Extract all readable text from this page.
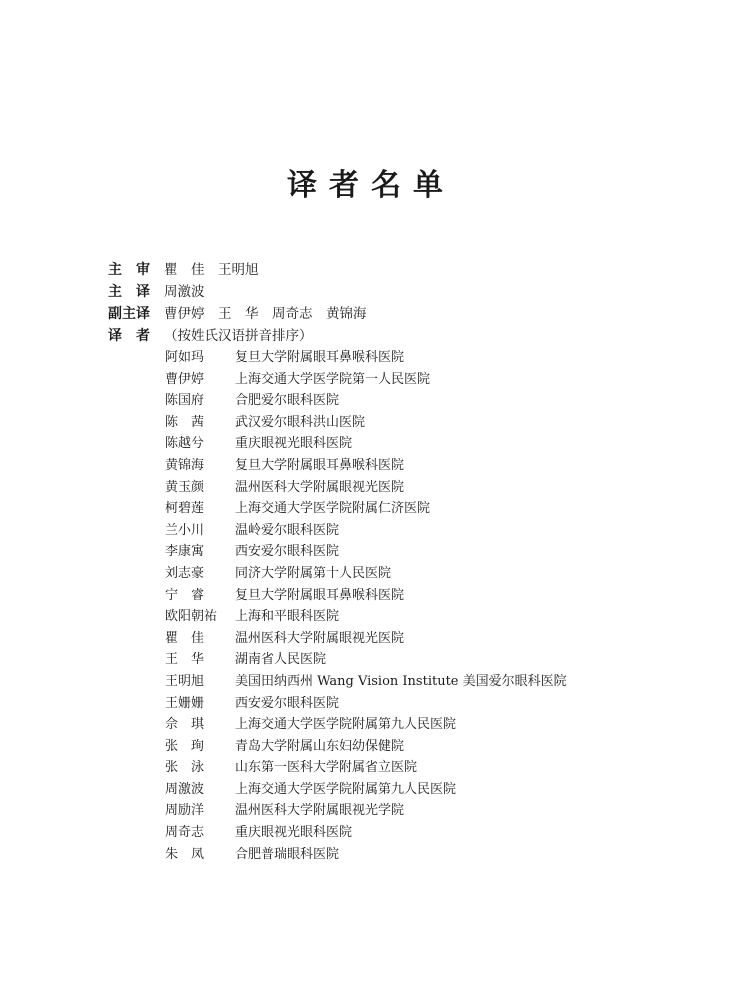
译者名单
主　审 瞿　佳　王明旭
主　译 周激波
副主译 曹伊婷　王　华　周奇志　黄锦海
译　者 （按姓氏汉语拼音排序）
阿如玛 复旦大学附属眼耳鼻喉科医院
曹伊婷 上海交通大学医学院第一人民医院
陈国府 合肥爱尔眼科医院
陈　茜 武汉爱尔眼科洪山医院
陈越兮 重庆眼视光眼科医院
黄锦海 复旦大学附属眼耳鼻喉科医院
黄玉颜 温州医科大学附属眼视光医院
柯碧莲 上海交通大学医学院附属仁济医院
兰小川 温岭爱尔眼科医院
李康寓 西安爱尔眼科医院
刘志豪 同济大学附属第十人民医院
宁　睿 复旦大学附属眼耳鼻喉科医院
欧阳朝祐 上海和平眼科医院
瞿　佳 温州医科大学附属眼视光医院
王　华 湖南省人民医院
王明旭 美国田纳西州 Wang Vision Institute 美国爱尔眼科医院
王姗姗 西安爱尔眼科医院
佘　琪 上海交通大学医学院附属第九人民医院
张　珣 青岛大学附属山东妇幼保健院
张　泳 山东第一医科大学附属省立医院
周激波 上海交通大学医学院附属第九人民医院
周励洋 温州医科大学附属眼视光学院
周奇志 重庆眼视光眼科医院
朱　凤 合肥普瑞眼科医院
